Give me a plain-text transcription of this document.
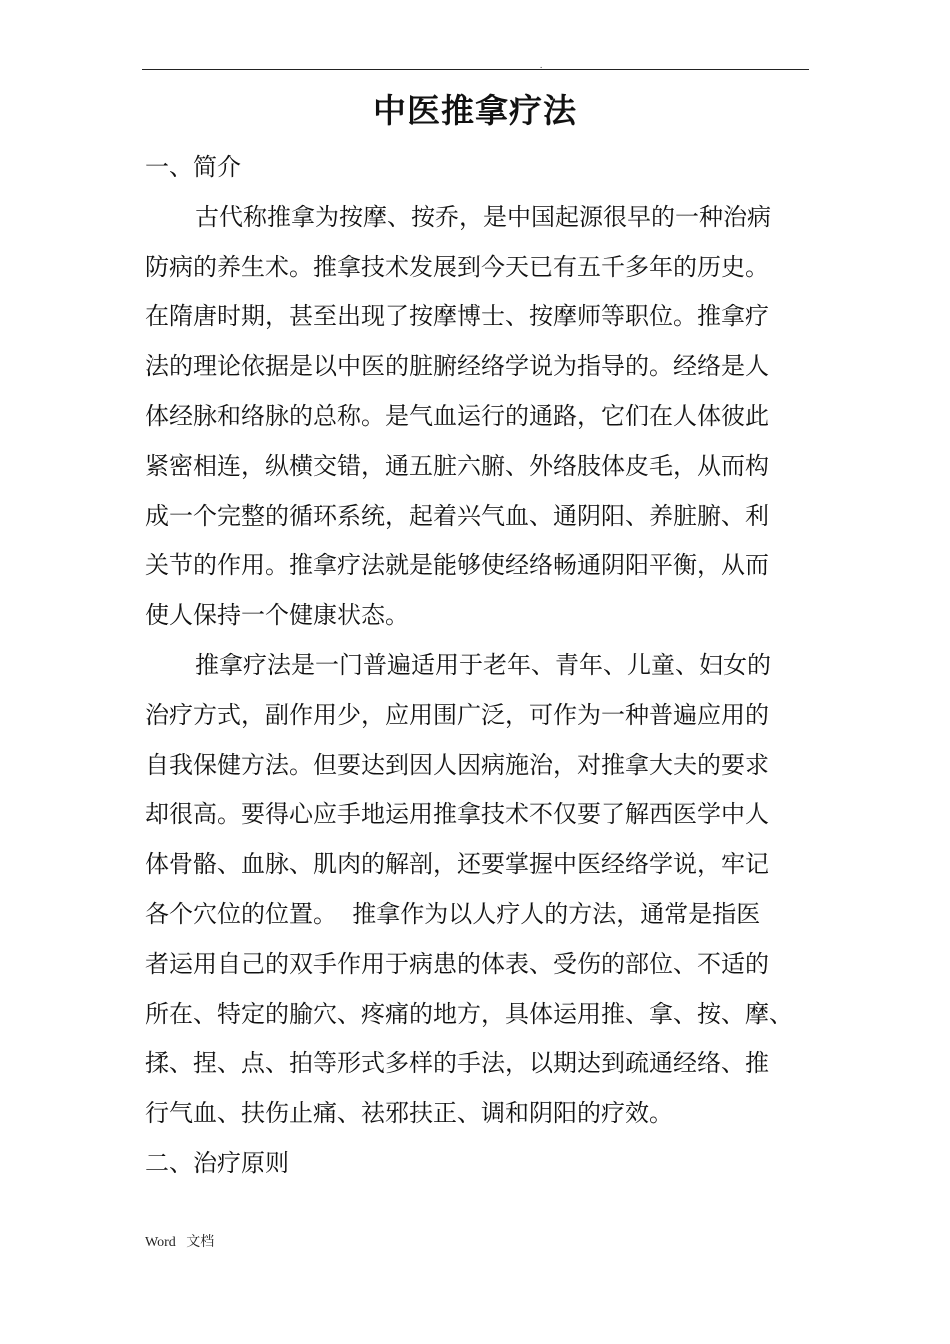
.
中医推拿疗法
一、简介
古代称推拿为按摩、按乔，是中国起源很早的一种治病
防病的养生术。推拿技术发展到今天已有五千多年的历史。
在隋唐时期，甚至出现了按摩博士、按摩师等职位。推拿疗
法的理论依据是以中医的脏腑经络学说为指导的。经络是人
体经脉和络脉的总称。是气血运行的通路，它们在人体彼此
紧密相连，纵横交错，通五脏六腑、外络肢体皮毛，从而构
成一个完整的循环系统，起着兴气血、通阴阳、养脏腑、利
关节的作用。推拿疗法就是能够使经络畅通阴阳平衡，从而
使人保持一个健康状态。
推拿疗法是一门普遍适用于老年、青年、儿童、妇女的
治疗方式，副作用少，应用围广泛，可作为一种普遍应用的
自我保健方法。但要达到因人因病施治，对推拿大夫的要求
却很高。要得心应手地运用推拿技术不仅要了解西医学中人
体骨骼、血脉、肌肉的解剖，还要掌握中医经络学说，牢记
各个穴位的位置。  推拿作为以人疗人的方法，通常是指医
者运用自己的双手作用于病患的体表、受伤的部位、不适的
所在、特定的腧穴、疼痛的地方，具体运用推、拿、按、摩、
揉、捏、点、拍等形式多样的手法，以期达到疏通经络、推
行气血、扶伤止痛、祛邪扶正、调和阴阳的疗效。
二、治疗原则
Word   文档
